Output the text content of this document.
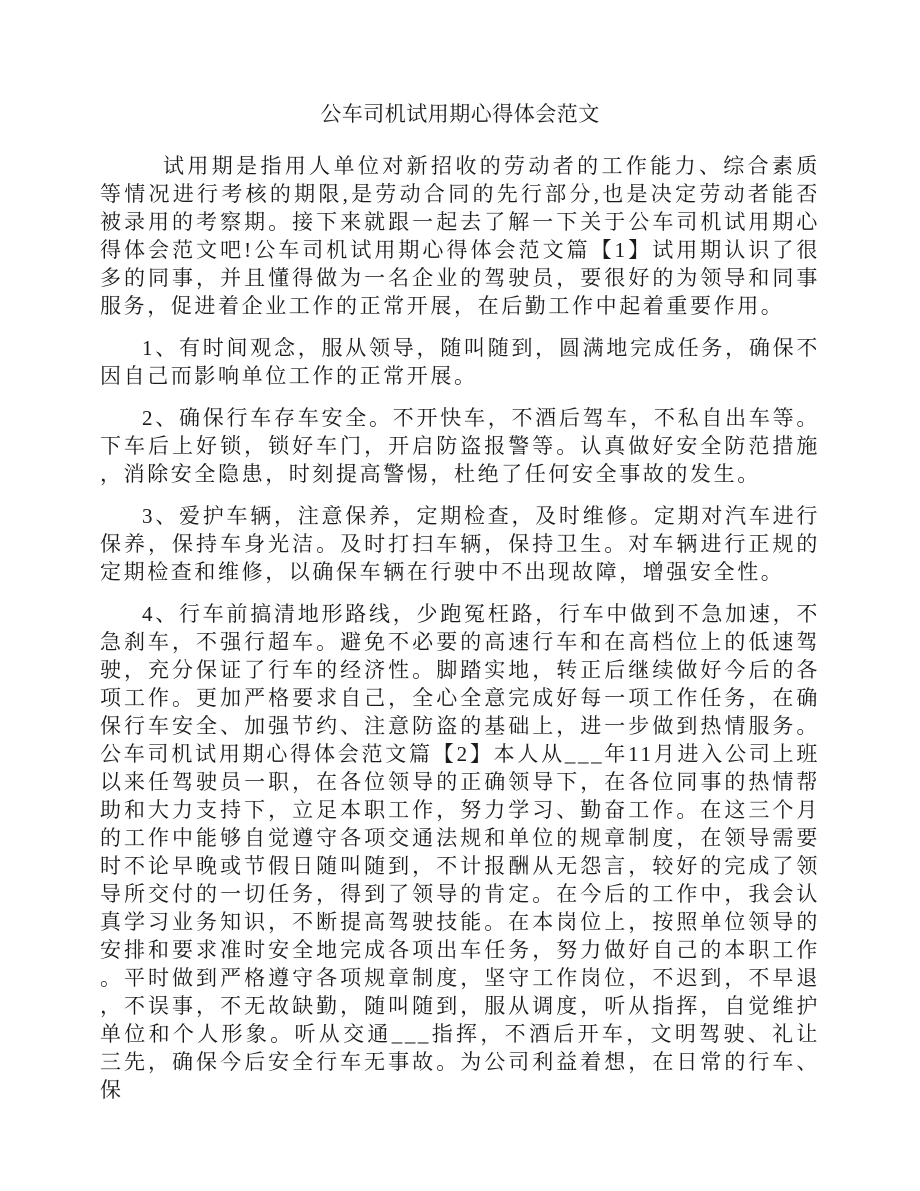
公车司机试用期心得体会范文

试用期是指用人单位对新招收的劳动者的工作能力、综合素质等情况进行考核的期限,是劳动合同的先行部分,也是决定劳动者能否被录用的考察期。接下来就跟一起去了解一下关于公车司机试用期心得体会范文吧!公车司机试用期心得体会范文篇【1】试用期认识了很多的同事，并且懂得做为一名企业的驾驶员，要很好的为领导和同事服务，促进着企业工作的正常开展，在后勤工作中起着重要作用。

1、有时间观念，服从领导，随叫随到，圆满地完成任务，确保不因自己而影响单位工作的正常开展。

2、确保行车存车安全。不开快车，不酒后驾车，不私自出车等。下车后上好锁，锁好车门，开启防盗报警等。认真做好安全防范措施，消除安全隐患，时刻提高警惕，杜绝了任何安全事故的发生。

3、爱护车辆，注意保养，定期检查，及时维修。定期对汽车进行保养，保持车身光洁。及时打扫车辆，保持卫生。对车辆进行正规的定期检查和维修，以确保车辆在行驶中不出现故障，增强安全性。

4、行车前搞清地形路线，少跑冤枉路，行车中做到不急加速，不急刹车，不强行超车。避免不必要的高速行车和在高档位上的低速驾驶，充分保证了行车的经济性。脚踏实地，转正后继续做好今后的各项工作。更加严格要求自己，全心全意完成好每一项工作任务，在确保行车安全、加强节约、注意防盗的基础上，进一步做到热情服务。公车司机试用期心得体会范文篇【2】本人从___年11月进入公司上班以来任驾驶员一职，在各位领导的正确领导下，在各位同事的热情帮助和大力支持下，立足本职工作，努力学习、勤奋工作。在这三个月的工作中能够自觉遵守各项交通法规和单位的规章制度，在领导需要时不论早晚或节假日随叫随到，不计报酬从无怨言，较好的完成了领导所交付的一切任务，得到了领导的肯定。在今后的工作中，我会认真学习业务知识，不断提高驾驶技能。在本岗位上，按照单位领导的安排和要求准时安全地完成各项出车任务，努力做好自己的本职工作。平时做到严格遵守各项规章制度，坚守工作岗位，不迟到，不早退，不误事，不无故缺勤，随叫随到，服从调度，听从指挥，自觉维护单位和个人形象。听从交通___指挥，不酒后开车，文明驾驶、礼让三先，确保今后安全行车无事故。为公司利益着想，在日常的行车、保
